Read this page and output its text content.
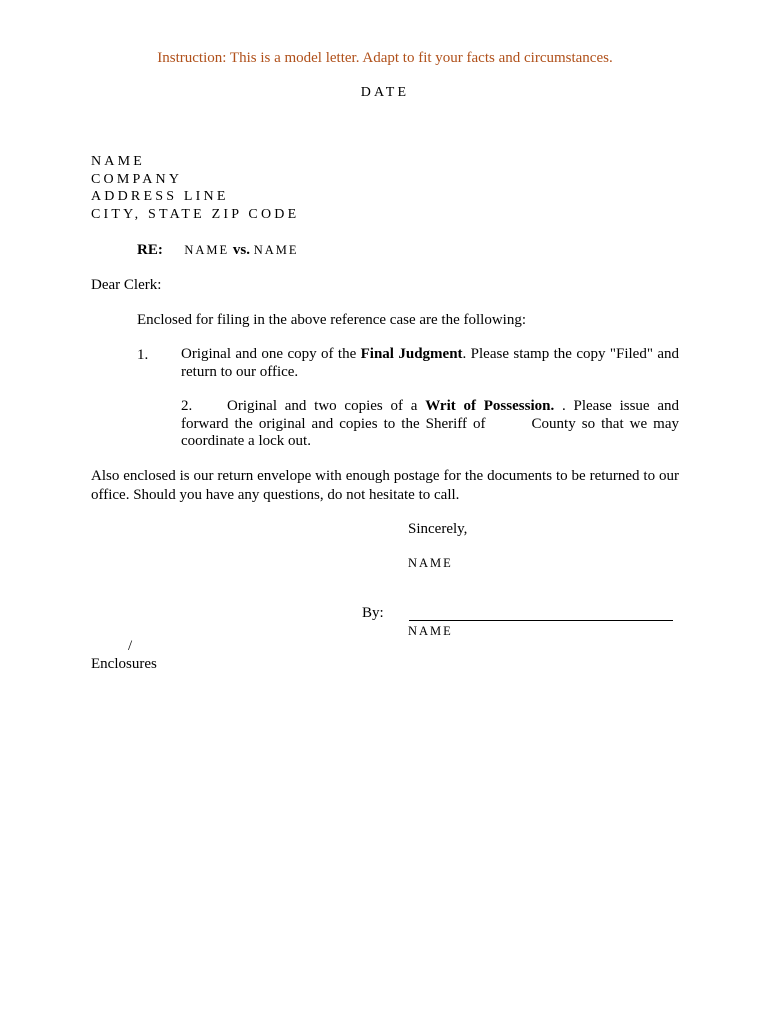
Instruction: This is a model letter. Adapt to fit your facts and circumstances.
DATE
NAME
COMPANY
ADDRESS LINE
CITY, STATE ZIP CODE
RE: NAME vs. NAME
Dear Clerk:
Enclosed for filing in the above reference case are the following:
1. Original and one copy of the Final Judgment. Please stamp the copy "Filed" and return to our office.
2. Original and two copies of a Writ of Possession. . Please issue and forward the original and copies to the Sheriff of	County so that we may coordinate a lock out.
Also enclosed is our return envelope with enough postage for the documents to be returned to our office. Should you have any questions, do not hesitate to call.
Sincerely,
NAME
By:
NAME
/
Enclosures
